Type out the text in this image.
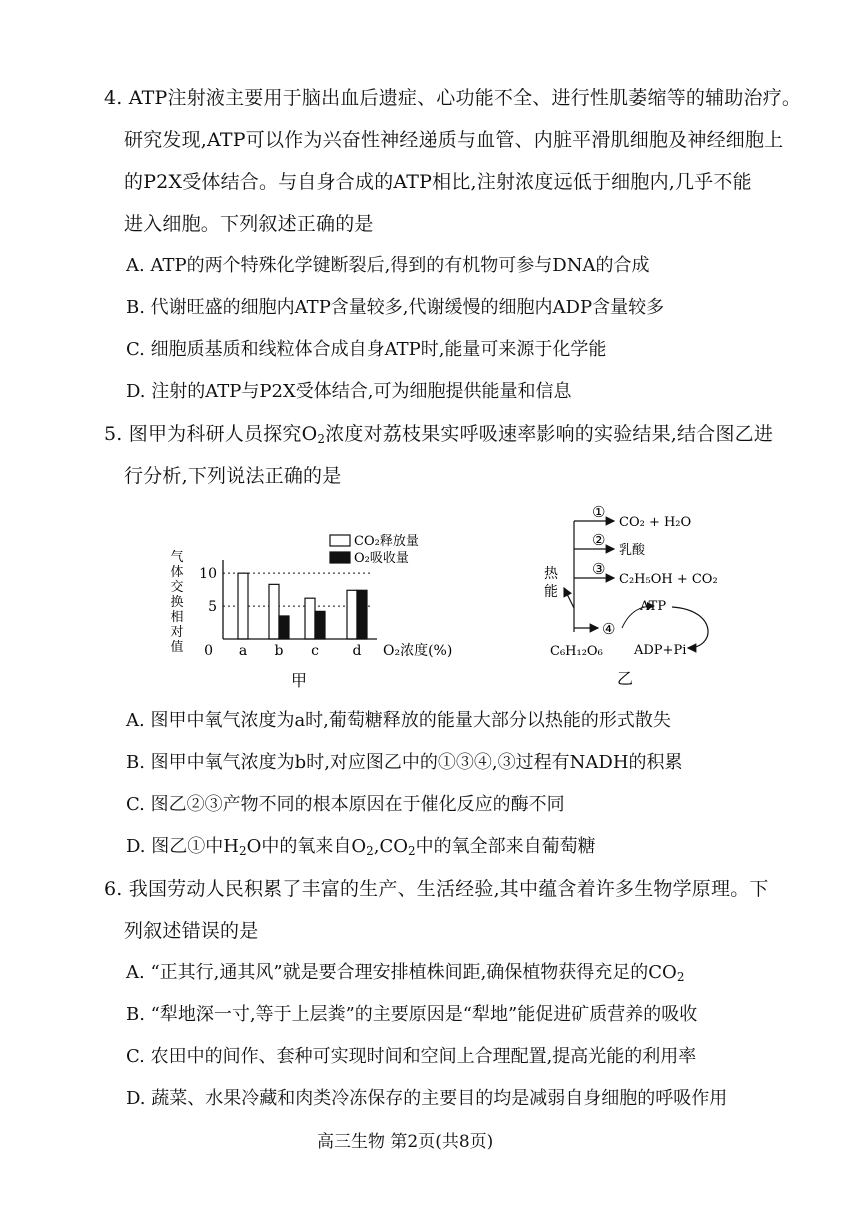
4. ATP注射液主要用于脑出血后遗症、心功能不全、进行性肌萎缩等的辅助治疗。
研究发现,ATP可以作为兴奋性神经递质与血管、内脏平滑肌细胞及神经细胞上
的P2X受体结合。与自身合成的ATP相比,注射浓度远低于细胞内,几乎不能
进入细胞。下列叙述正确的是
A. ATP的两个特殊化学键断裂后,得到的有机物可参与DNA的合成
B. 代谢旺盛的细胞内ATP含量较多,代谢缓慢的细胞内ADP含量较多
C. 细胞质基质和线粒体合成自身ATP时,能量可来源于化学能
D. 注射的ATP与P2X受体结合,可为细胞提供能量和信息
5. 图甲为科研人员探究$O_2$浓度对荔枝果实呼吸速率影响的实验结果,结合图乙进
行分析,下列说法正确的是
气
体
交
换
相
对
值
CO₂释放量
O₂吸收量
0
5
10
a b c d O₂浓度(%)
甲
①
②
③
④
CO₂ + H₂O
乳酸
C₂H₅OH + CO₂
热能
ATP
ADP+Pi
C₆H₁₂O₆
乙
A. 图甲中氧气浓度为a时,葡萄糖释放的能量大部分以热能的形式散失
B. 图甲中氧气浓度为b时,对应图乙中的①③④,③过程有NADH的积累
C. 图乙②③产物不同的根本原因在于催化反应的酶不同
D. 图乙①中$H_2O$中的氧来自$O_2,CO_2$中的氧全部来自葡萄糖
6. 我国劳动人民积累了丰富的生产、生活经验,其中蕴含着许多生物学原理。下
列叙述错误的是
A. “正其行,通其风”就是要合理安排植株间距,确保植物获得充足的$CO_2$
B. “犁地深一寸,等于上层粪”的主要原因是“犁地”能促进矿质营养的吸收
C. 农田中的间作、套种可实现时间和空间上合理配置,提高光能的利用率
D. 蔬菜、水果冷藏和肉类冷冻保存的主要目的均是减弱自身细胞的呼吸作用
高三生物 第2页(共8页)
